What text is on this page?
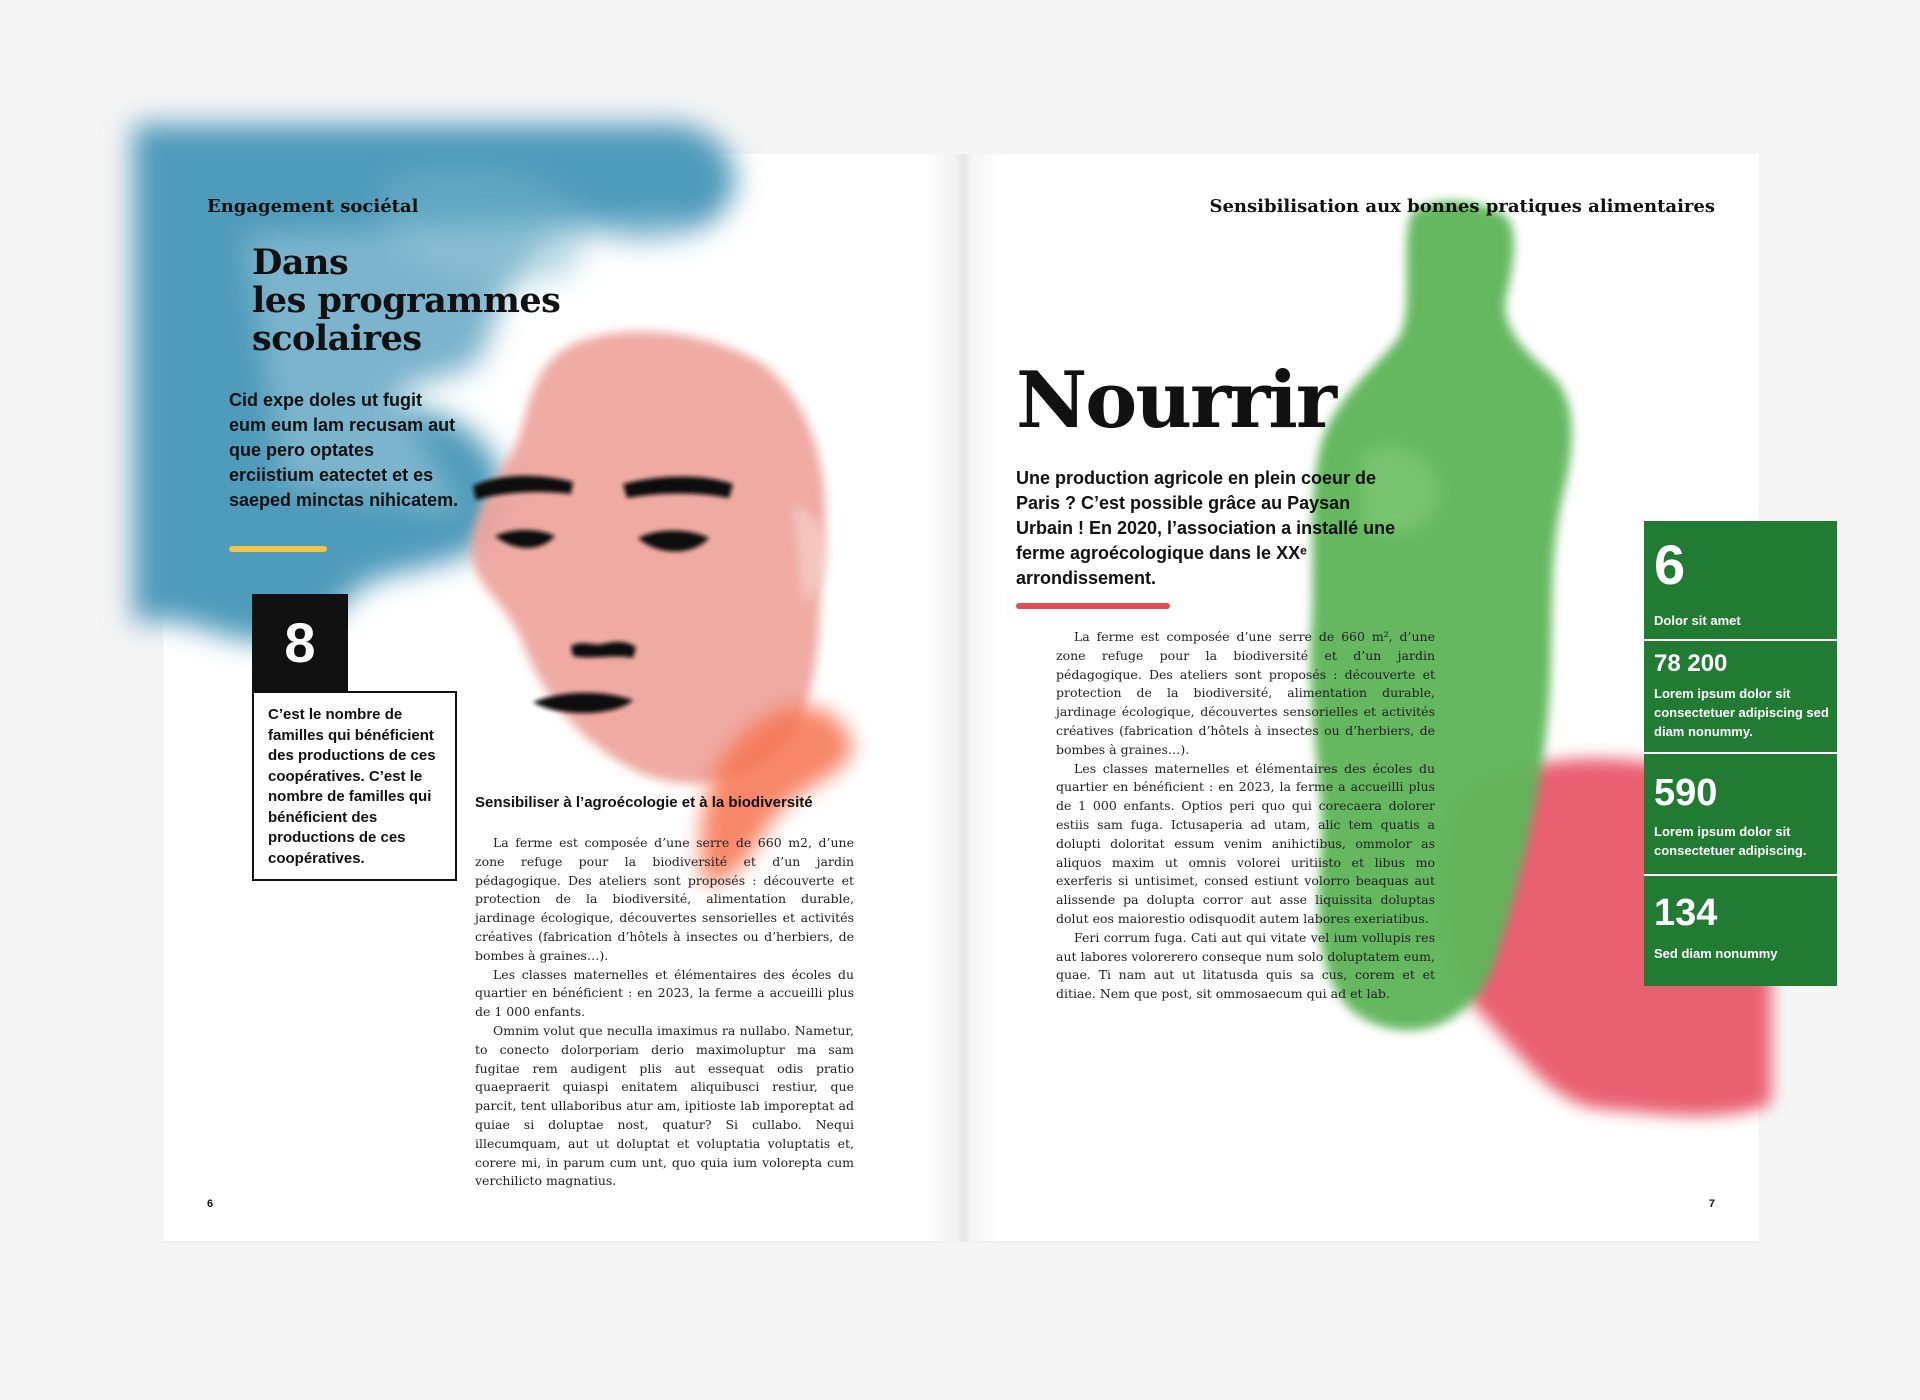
Engagement sociétal
Dans
les programmes
scolaires

Cid expe doles ut fugit eum eum lam recusam aut que pero optates erciistium eatectet et es saeped minctas nihicatem.

8
C’est le nombre de familles qui bénéficient des productions de ces coopératives. C’est le nombre de familles qui bénéficient des productions de ces coopératives.
Sensibiliser à l’agroécologie et à la biodiversité

La ferme est composée d’une serre de 660 m2, d’une zone refuge pour la biodiversité et d’un jardin pédagogique. Des ateliers sont proposés : découverte et protection de la biodiversité, alimentation durable, jardinage écologique, découvertes sensorielles et activités créatives (fabrication d’hôtels à insectes ou d’herbiers, de bombes à graines…).

Les classes maternelles et élémentaires des écoles du quartier en bénéficient : en 2023, la ferme a accueilli plus de 1 000 enfants.

Omnim volut que neculla imaximus ra nullabo. Nametur, to conecto dolorporiam derio maximoluptur ma sam fugitae rem audigent plis aut essequat odis pratio quaepraerit quiaspi enitatem aliquibusci restiur, que parcit, tent ullaboribus atur am, ipitioste lab imporeptat ad quiae si doluptae nost, quatur? Si cullabo. Nequi illecumquam, aut ut doluptat et voluptatia voluptatis et, corere mi, in parum cum unt, quo quia ium volorepta cum verchilicto magnatius.

6
Sensibilisation aux bonnes pratiques alimentaires
Nourrir

Une production agricole en plein coeur de Paris ? C’est possible grâce au Paysan Urbain ! En 2020, l’association a installé une ferme agroécologique dans le XXᵉ arrondissement.

La ferme est composée d’une serre de 660 m², d’une zone refuge pour la biodiversité et d’un jardin pédagogique. Des ateliers sont proposés : découverte et protection de la biodiversité, alimentation durable, jardinage écologique, découvertes sensorielles et activités créatives (fabrication d’hôtels à insectes ou d’herbiers, de bombes à graines…).

Les classes maternelles et élémentaires des écoles du quartier en bénéficient : en 2023, la ferme a accueilli plus de 1 000 enfants. Optios peri quo qui corecaera dolorer estiis sam fuga. Ictusaperia ad utam, alic tem quatis a dolupti doloritat essum venim anihictibus, ommolor as aliquos maxim ut omnis volorei uritiisto et libus mo exerferis si untisimet, consed estiunt volorro beaquas aut alissende pa dolupta corror aut asse liquissita doluptas dolut eos maiorestio odisquodit autem labores exeriatibus.

Feri corrum fuga. Cati aut qui vitate vel ium vollupis res aut labores volorerero conseque num solo doluptatem eum, quae. Ti nam aut ut litatusda quis sa cus, corem et et ditiae. Nem que post, sit ommosaecum qui ad et lab.

6
Dolor sit amet
78 200
Lorem ipsum dolor sit consectetuer adipiscing sed diam nonummy.
590
Lorem ipsum dolor sit consectetuer adipiscing.
134
Sed diam nonummy
7
